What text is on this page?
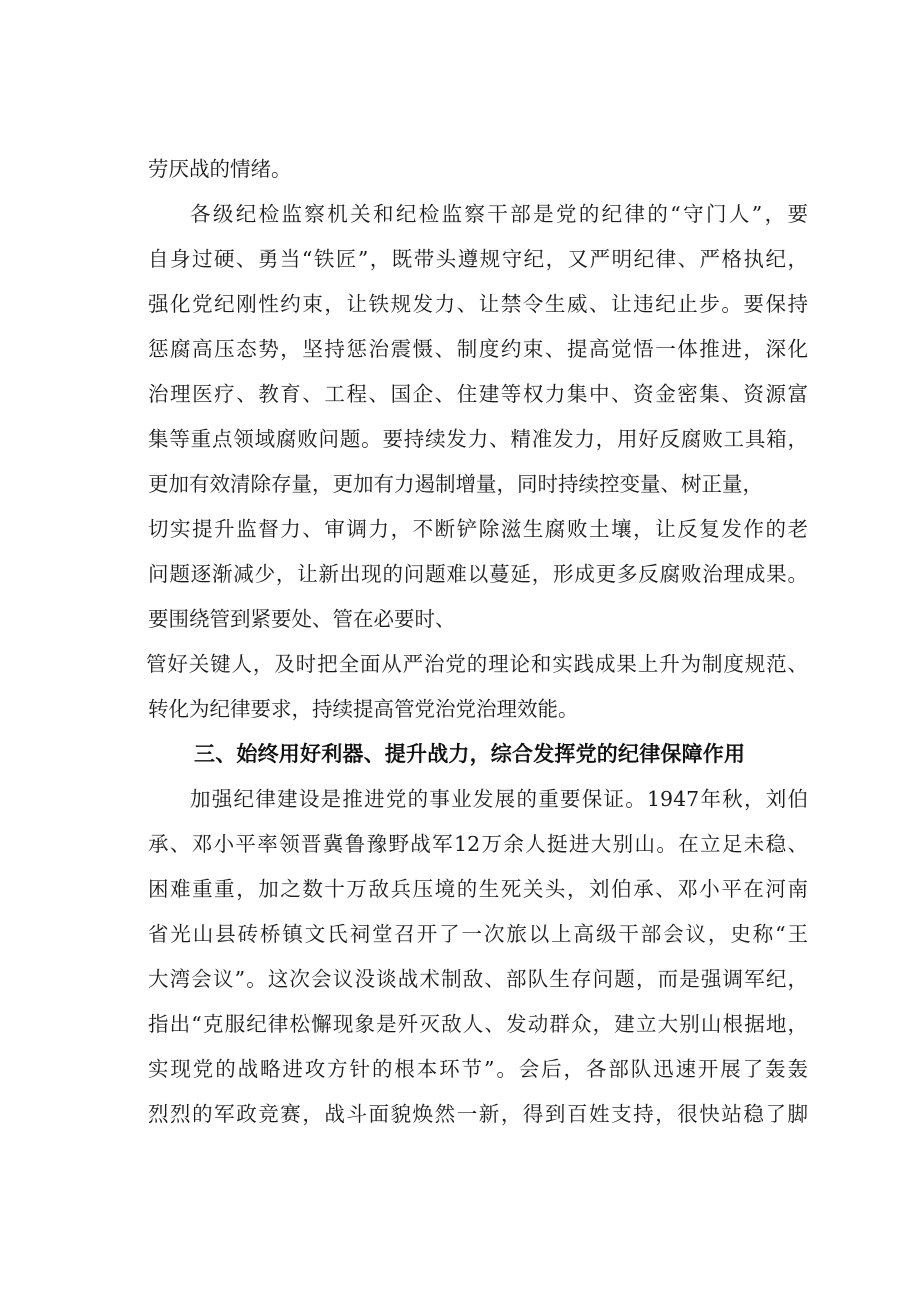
劳厌战的情绪。
各级纪检监察机关和纪检监察干部是党的纪律的“守门人”，要
自身过硬、勇当“铁匠”，既带头遵规守纪，又严明纪律、严格执纪，
强化党纪刚性约束，让铁规发力、让禁令生威、让违纪止步。要保持
惩腐高压态势，坚持惩治震慑、制度约束、提高觉悟一体推进，深化
治理医疗、教育、工程、国企、住建等权力集中、资金密集、资源富
集等重点领域腐败问题。要持续发力、精准发力，用好反腐败工具箱，
更加有效清除存量，更加有力遏制增量，同时持续控变量、树正量，
切实提升监督力、审调力，不断铲除滋生腐败土壤，让反复发作的老
问题逐渐减少，让新出现的问题难以蔓延，形成更多反腐败治理成果。
要围绕管到紧要处、管在必要时、
管好关键人，及时把全面从严治党的理论和实践成果上升为制度规范、
转化为纪律要求，持续提高管党治党治理效能。
三、始终用好利器、提升战力，综合发挥党的纪律保障作用
加强纪律建设是推进党的事业发展的重要保证。1947年秋，刘伯
承、邓小平率领晋冀鲁豫野战军12万余人挺进大别山。在立足未稳、
困难重重，加之数十万敌兵压境的生死关头，刘伯承、邓小平在河南
省光山县砖桥镇文氏祠堂召开了一次旅以上高级干部会议，史称“王
大湾会议”。这次会议没谈战术制敌、部队生存问题，而是强调军纪，
指出“克服纪律松懈现象是歼灭敌人、发动群众，建立大别山根据地，
实现党的战略进攻方针的根本环节”。会后，各部队迅速开展了轰轰
烈烈的军政竞赛，战斗面貌焕然一新，得到百姓支持，很快站稳了脚
